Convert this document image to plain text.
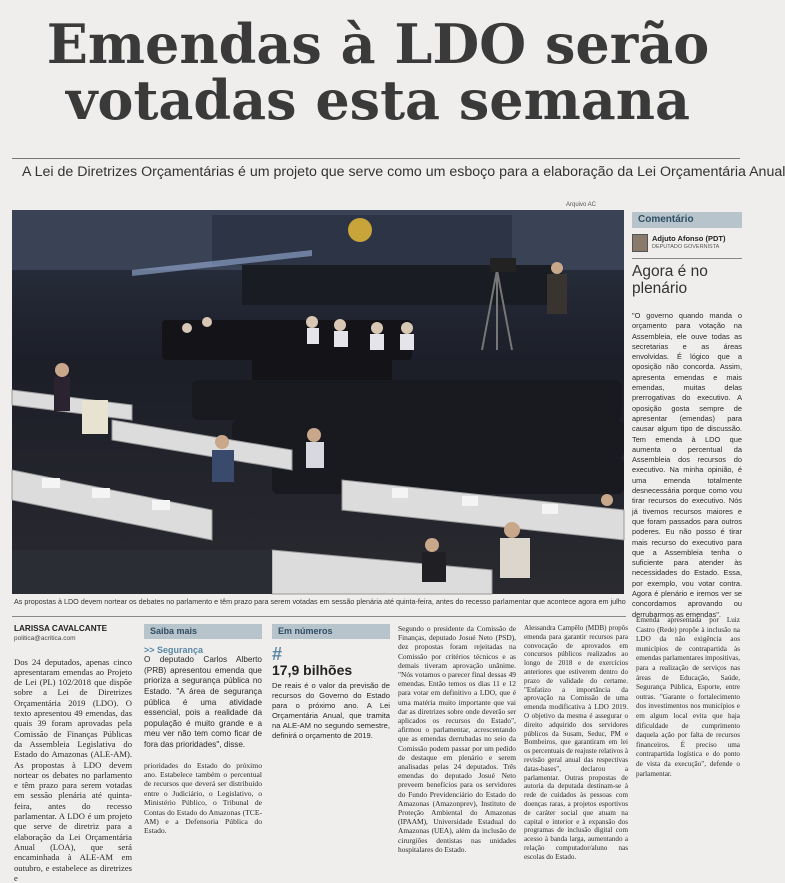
Emendas à LDO serão
votadas esta semana
A Lei de Diretrizes Orçamentárias é um projeto que serve como um esboço para a elaboração da Lei Orçamentária Anual
Arquivo AC
As propostas à LDO devem nortear os debates no parlamento e têm prazo para serem votadas em sessão plenária até quinta-feira, antes do recesso parlamentar que acontece agora em julho
Comentário
Adjuto Afonso (PDT)
DEPUTADO GOVERNISTA
Agora é no plenário
"O governo quando manda o orçamento para votação na Assembleia, ele ouve todas as secretarias e as áreas envolvidas. É lógico que a oposição não concorda. Assim, apresenta emendas e mais emendas, muitas delas prerrogativas do executivo. A oposição gosta sempre de apresentar (emendas) para causar algum tipo de discussão. Tem emenda à LDO que aumenta o percentual da Assembleia dos recursos do executivo. Na minha opinião, é uma emenda totalmente desnecessária porque como vou tirar recursos do executivo. Nós já tivemos recursos maiores e que foram passados para outros poderes. Eu não posso é tirar mais recurso do executivo para que a Assembleia tenha o suficiente para atender às necessidades do Estado. Essa, por exemplo, vou votar contra. Agora é plenário e iremos ver se concordamos aprovando ou derrubarmos as emendas".
LARISSA CAVALCANTE
politica@acritica.com

Dos 24 deputados, apenas cinco apresentaram emendas ao Projeto de Lei (PL) 102/2018 que dispõe sobre a Lei de Diretrizes Orçamentária 2019 (LDO). O texto apresentou 49 emendas, das quais 39 foram aprovadas pela Comissão de Finanças Públicas da Assembleia Legislativa do Estado do Amazonas (ALE-AM). As propostas à LDO devem nortear os debates no parlamento e têm prazo para serem votadas em sessão plenária até quinta-feira, antes do recesso parlamentar. A LDO é um projeto que serve de diretriz para a elaboração da Lei Orçamentária Anual (LOA), que será encaminhada à ALE-AM em outubro, e estabelece as diretrizes e

Saiba mais
>> Segurança

O deputado Carlos Alberto (PRB) apresentou emenda que prioriza a segurança pública no Estado. "A área de segurança pública é uma atividade essencial, pois a realidade da população é muito grande e a meu ver não tem como ficar de fora das prioridades", disse.

prioridades do Estado do próximo ano. Estabelece também o percentual de recursos que deverá ser distribuído entre o Judiciário, o Legislativo, o Ministério Público, o Tribunal de Contas do Estado do Amazonas (TCE-AM) e a Defensoria Pública do Estado.

Em números
#
17,9 bilhões

De reais é o valor da previsão de recursos do Governo do Estado para o próximo ano. A Lei Orçamentária Anual, que tramita na ALE-AM no segundo semestre, definirá o orçamento de 2019.

Segundo o presidente da Comissão de Finanças, deputado Josué Neto (PSD), dez propostas foram rejeitadas na Comissão por critérios técnicos e as demais tiveram aprovação unânime. "Nós votamos o parecer final dessas 49 emendas. Então temos os dias 11 e 12 para votar em definitivo a LDO, que é uma matéria muito importante que vai dar as diretrizes sobre onde deverão ser aplicados os recursos do Estado", afirmou o parlamentar, acrescentando que as emendas derrubadas no seio da Comissão podem passar por um pedido de destaque em plenário e serem analisadas pelas 24 deputados. Três emendas do deputado Josué Neto preveem benefícios para os servidores do Fundo Previdenciário do Estado do Amazonas (Amazonprev), Instituto de Proteção Ambiental do Amazonas (IPAAM), Universidade Estadual do Amazonas (UEA), além da inclusão de cirurgiões dentistas nas unidades hospitalares do Estado.

Alessandra Campêlo (MDB) propôs emenda para garantir recursos para convocação de aprovados em concursos públicos realizados ao longo de 2018 e de exercícios anteriores que estiverem dentro do prazo de validade do certame. "Enfatizo a importância da aprovação na Comissão de uma emenda modificativa à LDO 2019. O objetivo da mesma é assegurar o direito adquirido dos servidores públicos da Susam, Seduc, PM e Bombeiros, que garantiram em lei os percentuais de reajuste relativos à revisão geral anual das respectivas datas-bases", declarou a parlamentar. Outras propostas de autoria da deputada destinam-se à rede de cuidados às pessoas com doenças raras, a projetos esportivos de caráter social que atuam na capital e interior e à expansão dos programas de inclusão digital com acesso à banda larga, aumentando a relação computador/aluno nas escolas do Estado.

Emenda apresentada por Luiz Castro (Rede) propõe à inclusão na LDO da não exigência aos municípios de contrapartida às emendas parlamentares impositivas, para a realização de serviços nas áreas de Educação, Saúde, Segurança Pública, Esporte, entre outras. "Garante o fortalecimento dos investimentos nos municípios e em algum local evita que haja dificuldade de cumprimento daquela ação por falta de recursos financeiros. É preciso uma contrapartida logística e do ponto de vista da execução", defende o parlamentar.
